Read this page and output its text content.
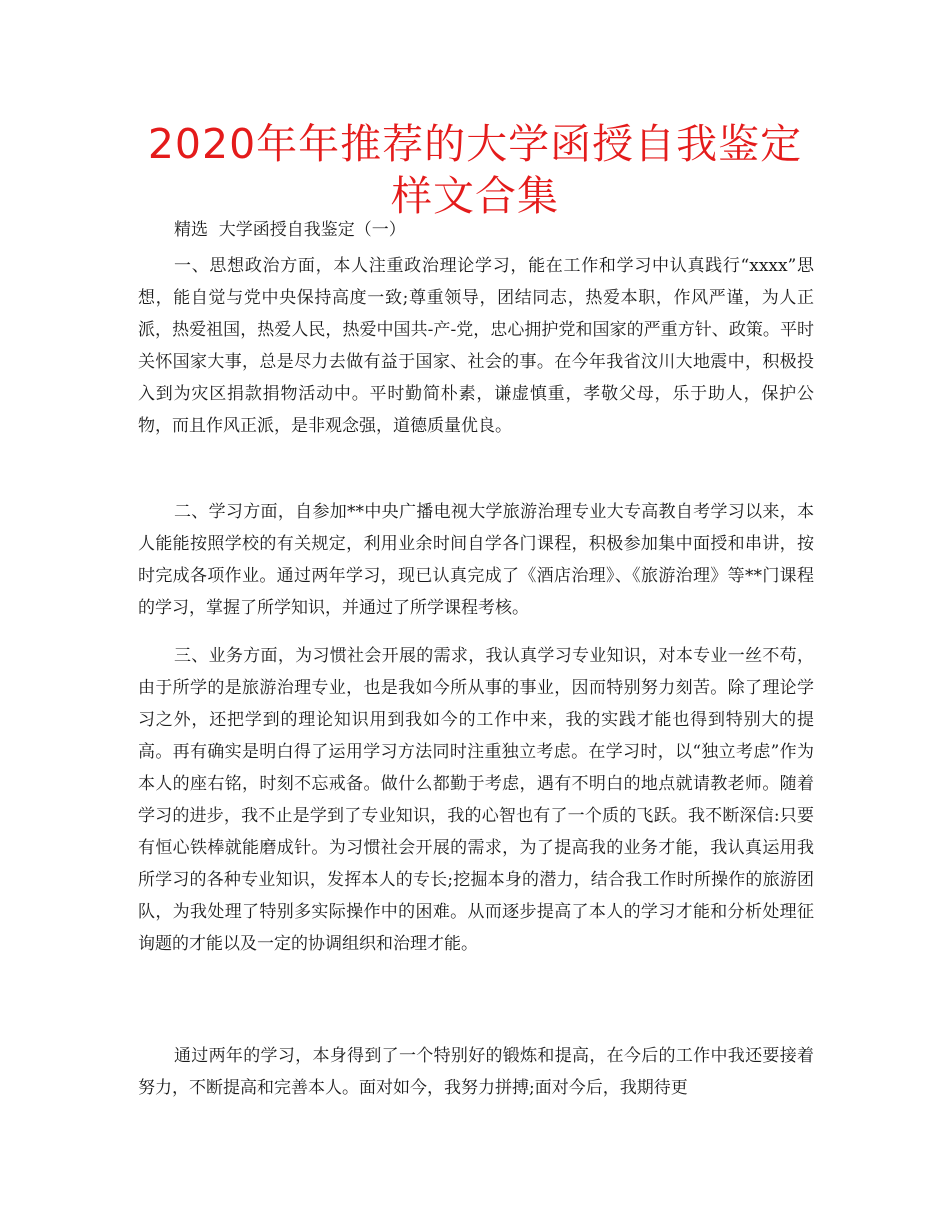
2020年年推荐的大学函授自我鉴定样文合集

精选  大学函授自我鉴定（一）

一、思想政治方面，本人注重政治理论学习，能在工作和学习中认真践行“xxxx”思想，能自觉与党中央保持高度一致;尊重领导，团结同志，热爱本职，作风严谨，为人正派，热爱祖国，热爱人民，热爱中国共-产-党，忠心拥护党和国家的严重方针、政策。平时关怀国家大事，总是尽力去做有益于国家、社会的事。在今年我省汶川大地震中，积极投入到为灾区捐款捐物活动中。平时勤简朴素，谦虚慎重，孝敬父母，乐于助人，保护公物，而且作风正派，是非观念强，道德质量优良。

二、学习方面，自参加**中央广播电视大学旅游治理专业大专高教自考学习以来，本人能能按照学校的有关规定，利用业余时间自学各门课程，积极参加集中面授和串讲，按时完成各项作业。通过两年学习，现已认真完成了《酒店治理》、《旅游治理》等**门课程的学习，掌握了所学知识，并通过了所学课程考核。

三、业务方面，为习惯社会开展的需求，我认真学习专业知识，对本专业一丝不苟，由于所学的是旅游治理专业，也是我如今所从事的事业，因而特别努力刻苦。除了理论学习之外，还把学到的理论知识用到我如今的工作中来，我的实践才能也得到特别大的提高。再有确实是明白得了运用学习方法同时注重独立考虑。在学习时，以“独立考虑”作为本人的座右铭，时刻不忘戒备。做什么都勤于考虑，遇有不明白的地点就请教老师。随着学习的进步，我不止是学到了专业知识，我的心智也有了一个质的飞跃。我不断深信:只要有恒心铁棒就能磨成针。为习惯社会开展的需求，为了提高我的业务才能，我认真运用我所学习的各种专业知识，发挥本人的专长;挖掘本身的潜力，结合我工作时所操作的旅游团队，为我处理了特别多实际操作中的困难。从而逐步提高了本人的学习才能和分析处理征询题的才能以及一定的协调组织和治理才能。

通过两年的学习，本身得到了一个特别好的锻炼和提高，在今后的工作中我还要接着努力，不断提高和完善本人。面对如今，我努力拼搏;面对今后，我期待更
